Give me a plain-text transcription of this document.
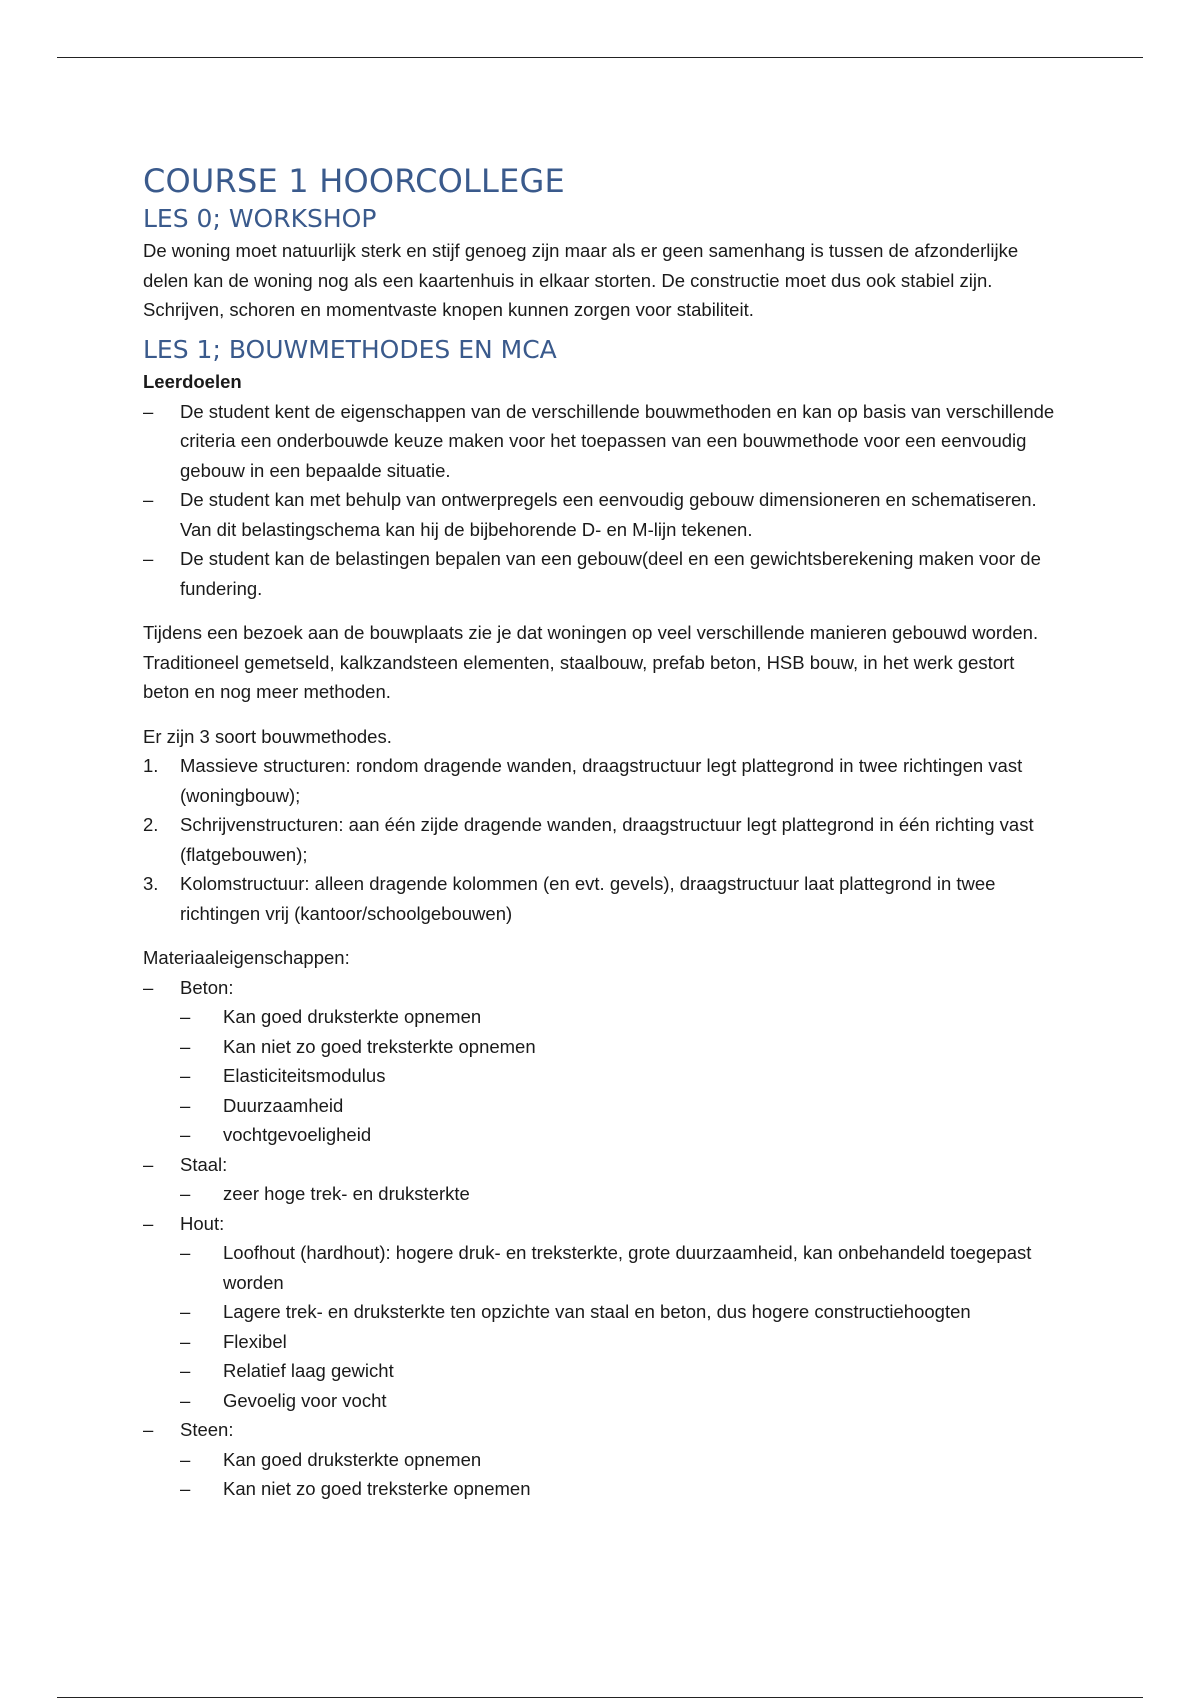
COURSE 1 HOORCOLLEGE
LES 0; WORKSHOP

De woning moet natuurlijk sterk en stijf genoeg zijn maar als er geen samenhang is tussen de afzonderlijke delen kan de woning nog als een kaartenhuis in elkaar storten. De constructie moet dus ook stabiel zijn. Schrijven, schoren en momentvaste knopen kunnen zorgen voor stabiliteit.

LES 1; BOUWMETHODES EN MCA
Leerdoelen
–	De student kent de eigenschappen van de verschillende bouwmethoden en kan op basis van verschillende criteria een onderbouwde keuze maken voor het toepassen van een bouwmethode voor een eenvoudig gebouw in een bepaalde situatie.
–	De student kan met behulp van ontwerpregels een eenvoudig gebouw dimensioneren en schematiseren. Van dit belastingschema kan hij de bijbehorende D- en M-lijn tekenen.
–	De student kan de belastingen bepalen van een gebouw(deel en een gewichtsberekening maken voor de fundering.

Tijdens een bezoek aan de bouwplaats zie je dat woningen op veel verschillende manieren gebouwd worden. Traditioneel gemetseld, kalkzandsteen elementen, staalbouw, prefab beton, HSB bouw, in het werk gestort beton en nog meer methoden.

Er zijn 3 soort bouwmethodes.

1.	Massieve structuren: rondom dragende wanden, draagstructuur legt plattegrond in twee richtingen vast (woningbouw);
2.	Schrijvenstructuren: aan één zijde dragende wanden, draagstructuur legt plattegrond in één richting vast (flatgebouwen);
3.	Kolomstructuur: alleen dragende kolommen (en evt. gevels), draagstructuur laat plattegrond in twee richtingen vrij (kantoor/schoolgebouwen)

Materiaaleigenschappen:

–	Beton:
–	Kan goed druksterkte opnemen
–	Kan niet zo goed treksterkte opnemen
–	Elasticiteitsmodulus
–	Duurzaamheid
–	vochtgevoeligheid
–	Staal:
–	zeer hoge trek- en druksterkte
–	Hout:
–	Loofhout (hardhout): hogere druk- en treksterkte, grote duurzaamheid, kan onbehandeld toegepast worden
–	Lagere trek- en druksterkte ten opzichte van staal en beton, dus hogere constructiehoogten
–	Flexibel
–	Relatief laag gewicht
–	Gevoelig voor vocht
–	Steen:
–	Kan goed druksterkte opnemen
–	Kan niet zo goed treksterke opnemen
